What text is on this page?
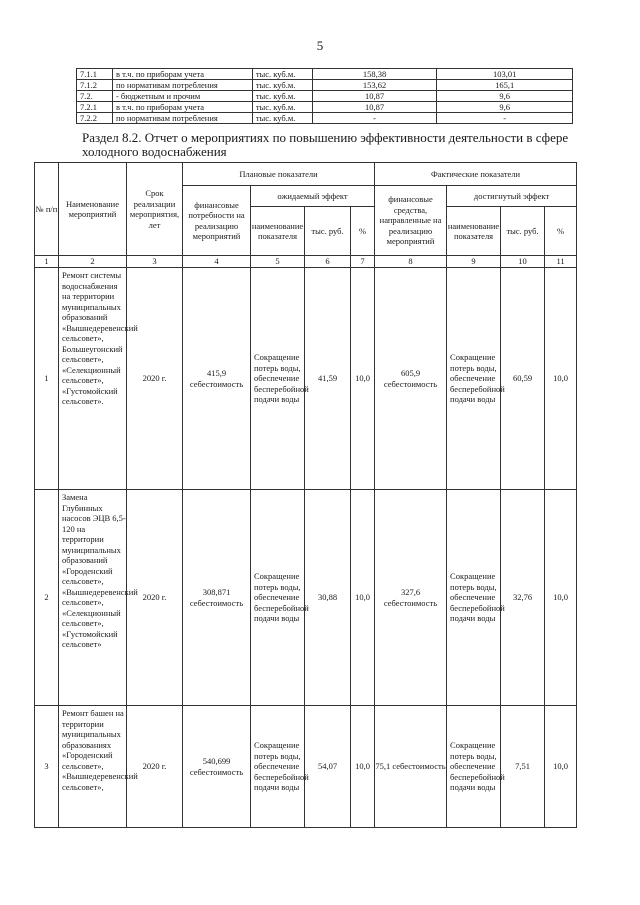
5
7.1.1	в т.ч. по приборам учета	тыс. куб.м.	158,38	103,01
7.1.2	по нормативам потребления	тыс. куб.м.	153,62	165,1
7.2.	- бюджетным и прочим	тыс. куб.м.	10,87	9,6
7.2.1	в т.ч. по приборам учета	тыс. куб.м.	10,87	9,6
7.2.2	по нормативам потребления	тыс. куб.м.	-	-
Раздел 8.2. Отчет о мероприятиях по повышению эффективности деятельности в сфере холодного водоснабжения
№ п/п	Наименование мероприятий	Срок реализации мероприятия, лет	Плановые показатели				Фактические показатели			
			финансовые потребности на реализацию мероприятий	ожидаемый эффект			финансовые средства, направленные на реализацию мероприятий	достигнутый эффект		
				наименование показателя	тыс. руб.	%		наименование показателя	тыс. руб.	%
1	2	3	4	5	6	7	8	9	10	11
1	Ремонт системы водоснабжения на территории муниципальных образований «Вышнедеревенский сельсовет», Большеугонский сельсовет», «Селекционный сельсовет», «Густомойский сельсовет».	2020 г.	415,9 себестоимость	Сокращение потерь воды, обеспечение бесперебойной подачи воды	41,59	10,0	605,9 себестоимость	Сокращение потерь воды, обеспечение бесперебойной подачи воды	60,59	10,0
2	Замена Глубинных насосов ЭЦВ 6,5-120 на территории муниципальных образований «Городенский сельсовет», «Вышнедеревенский сельсовет», «Селекционный сельсовет», «Густомойский сельсовет»	2020 г.	308,871 себестоимость	Сокращение потерь воды, обеспечение бесперебойной подачи воды	30,88	10,0	327,6 себестоимость	Сокращение потерь воды, обеспечение бесперебойной подачи воды	32,76	10,0
3	Ремонт башен на территории муниципальных образованиях «Городенский сельсовет», «Вышнедеревенский сельсовет»,	2020 г.	540,699 себестоимость	Сокращение потерь воды, обеспечение бесперебойной подачи воды	54,07	10,0	75,1 себестоимость	Сокращение потерь воды, обеспечение бесперебойной подачи воды	7,51	10,0
